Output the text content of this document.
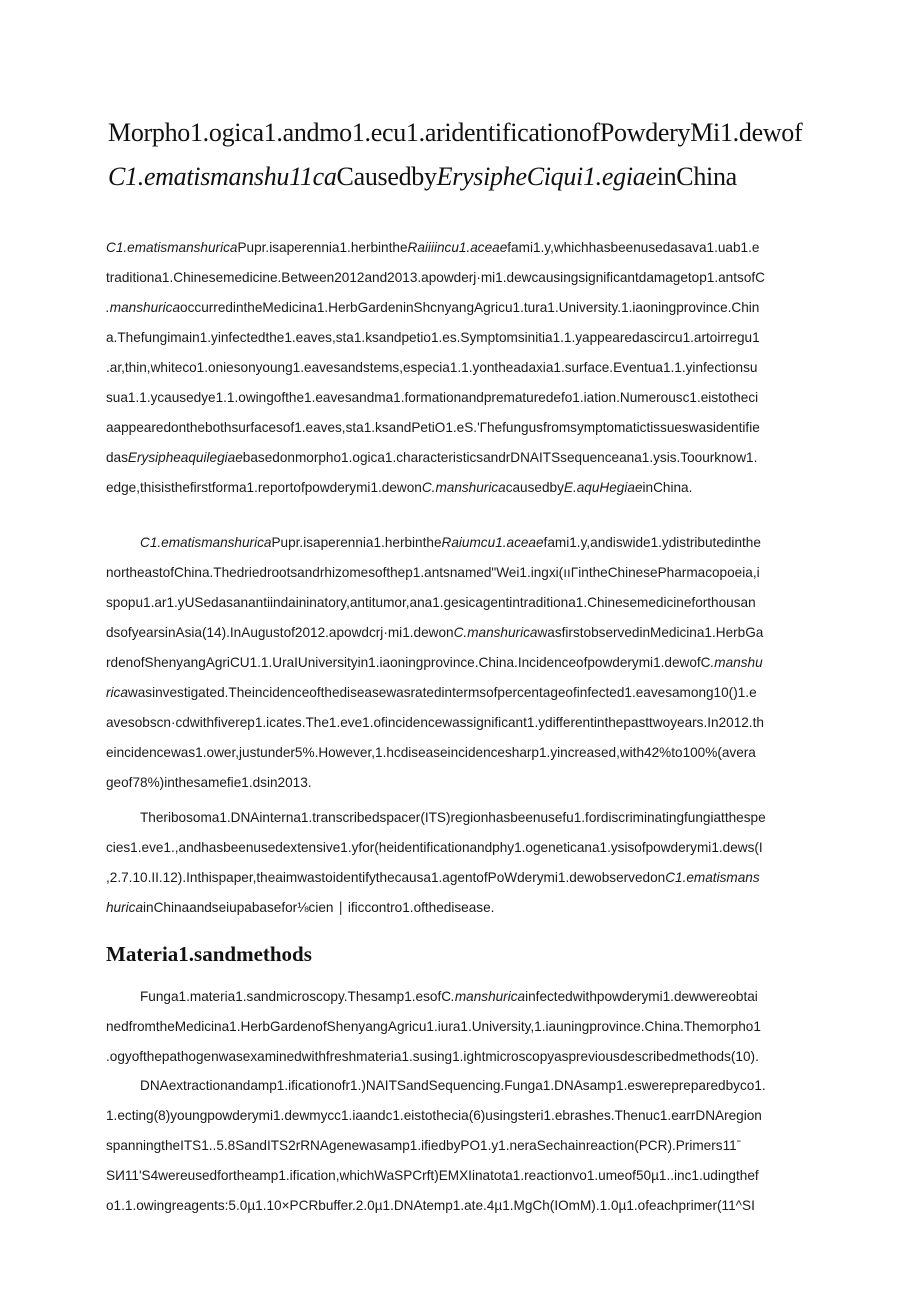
Morpho1.ogica1.andmo1.ecu1.aridentificationofPowderyMi1.dewof
C1.ematismanshu11caCausedbyErysipheCiqui1.egiaeinChina
C1.ematismanshuricaPupr.isaperennia1.herbintheRaiiiincu1.aceaefami1.y,whichhasbeenusedasava1.uab1.e
traditiona1.Chinesemedicine.Between2012and2013.apowderj·mi1.dewcausingsignificantdamagetop1.antsofC
.manshuricaoccurredintheMedicina1.HerbGardeninShcnyangAgricu1.tura1.University.1.iaoningprovince.Chin
a.Thefungimain1.yinfectedthe1.eaves,sta1.ksandpetio1.es.Symptomsinitia1.1.yappearedascircu1.artoirregu1
.ar,thin,whiteco1.oniesonyoung1.eavesandstems,especia1.1.yontheadaxia1.surface.Eventua1.1.yinfectionsu
sua1.1.ycausedye1.1.owingofthe1.eavesandma1.formationandprematuredefo1.iation.Numerousc1.eistotheci
aappearedonthebothsurfacesof1.eaves,sta1.ksandPetiO1.eS.'Гhefungusfromsymptomatictissueswasidentifie
dasErysipheaquilegiaebasedonmorpho1.ogica1.characteristicsandrDNAITSsequenceana1.ysis.Toourknow1.
edge,thisisthefirstforma1.reportofpowderymi1.dewonC.manshuricacausedbyE.aquHegiaeinChina.
C1.ematismanshuricaPupr.isaperennia1.herbintheRaiumcu1.aceaefami1.y,andiswide1.ydistributedinthe
northeastofChina.Thedriedrootsandrhizomesofthep1.antsnamed"Wei1.ingxi(ııΓintheChinesePharmacopoeia,i
spopu1.ar1.yUSedasanantiindaininatory,antitumor,ana1.gesicagentintraditiona1.Chinesemedicineforthousan
dsofyearsinAsia(14).InAugustof2012.apowdcrj·mi1.dewonC.manshuricawasfirstobservedinMedicina1.HerbGa
rdenofShenyangAgriCU1.1.UraIUniversityin1.iaoningprovince.China.Incidenceofpowderymi1.dewofC.manshu
ricawasinvestigated.Theincidenceofthediseasewasratedintermsofpercentageofinfected1.eavesamong10()1.e
avesobscn·cdwithfiverep1.icates.The1.eve1.ofincidencewassignificant1.ydifferentinthepasttwoyears.In2012.th
eincidencewas1.ower,justunder5%.However,1.hcdiseaseincidencesharp1.yincreased,with42%to100%(avera
geof78%)inthesamefie1.dsin2013.
Theribosoma1.DNAinterna1.transcribedspacer(ITS)regionhasbeenusefu1.fordiscriminatingfungiatthespe
cies1.eve1.,andhasbeenusedextensive1.yfor(heidentificationandphy1.ogeneticana1.ysisofpowderymi1.dews(I
,2.7.10.II.12).Inthispaper,theaimwastoidentifythecausa1.agentofPoWderymi1.dewobservedonC1.ematismans
huricainChinaandseiupabasefor⅛cien ∣ ificcontro1.ofthedisease.
Materia1.sandmethods
Funga1.materia1.sandmicroscopy.Thesamp1.esofC.manshuricainfectedwithpowderymi1.dewwereobtai
nedfromtheMedicina1.HerbGardenofShenyangAgricu1.iura1.University,1.iauningprovince.China.Themorpho1
.ogyofthepathogenwasexaminedwithfreshmateria1.susing1.ightmicroscopyaspreviousdescribedmethods(10).
DNAextractionandamp1.ificationofr1.)NAITSandSequencing.Funga1.DNAsamp1.eswerepreparedbyco1.
1.ecting(8)youngpowderymi1.dewmycc1.iaandc1.eistothecia(6)usingsteri1.ebrashes.Thenuc1.earrDNAregion
spanningtheITS1..5.8SandITS2rRNAgenewasamp1.ifiedbyPO1.y1.neraSechainreaction(PCR).Primers11ˉ
SИ11'S4wereusedfortheamp1.ification,whichWaSPCrft)EMXIinatota1.reactionvo1.umeof50µ1..inc1.udingthef
o1.1.owingreagents:5.0µ1.10×PCRbuffer.2.0µ1.DNAtemp1.ate.4µ1.MgCh(IOmM).1.0µ1.ofeachprimer(11^SI
